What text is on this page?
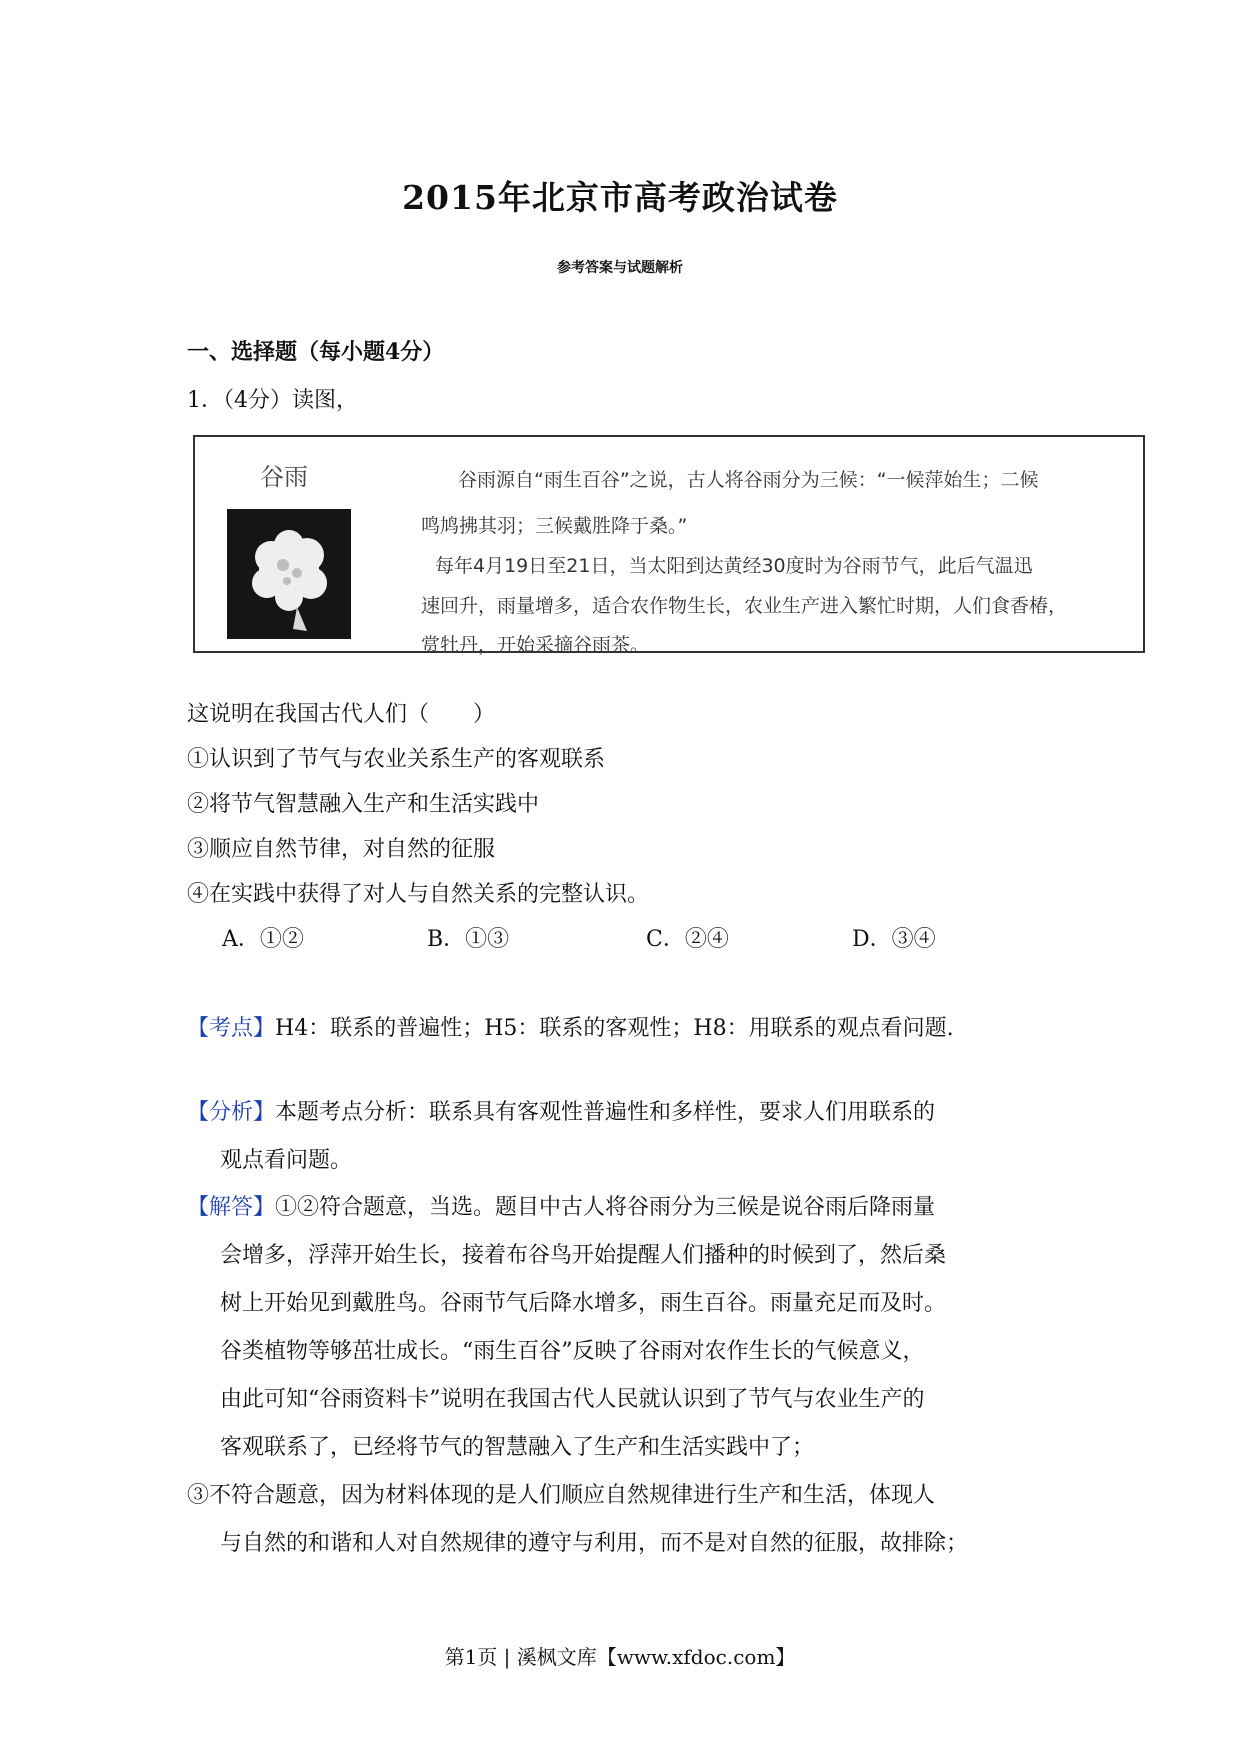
2015年北京市高考政治试卷
参考答案与试题解析
一、选择题（每小题4分）
1．（4分）读图，
谷雨	谷雨源自“雨生百谷”之说，古人将谷雨分为三候：“一候萍始生；二候
鸣鸠拂其羽；三候戴胜降于桑。”
每年4月19日至21日，当太阳到达黄经30度时为谷雨节气，此后气温迅
速回升，雨量增多，适合农作物生长，农业生产进入繁忙时期，人们食香椿，
赏牡丹，开始采摘谷雨茶。
这说明在我国古代人们（　　）
①认识到了节气与农业关系生产的客观联系
②将节气智慧融入生产和生活实践中
③顺应自然节律，对自然的征服
④在实践中获得了对人与自然关系的完整认识。
A．①②	B．①③	C．②④	D．③④
【考点】H4：联系的普遍性；H5：联系的客观性；H8：用联系的观点看问题.
【分析】本题考点分析：联系具有客观性普遍性和多样性，要求人们用联系的
观点看问题。
【解答】①②符合题意，当选。题目中古人将谷雨分为三候是说谷雨后降雨量
会增多，浮萍开始生长，接着布谷鸟开始提醒人们播种的时候到了，然后桑
树上开始见到戴胜鸟。谷雨节气后降水增多，雨生百谷。雨量充足而及时。
谷类植物等够茁壮成长。“雨生百谷”反映了谷雨对农作生长的气候意义，
由此可知“谷雨资料卡”说明在我国古代人民就认识到了节气与农业生产的
客观联系了，已经将节气的智慧融入了生产和生活实践中了；
③不符合题意，因为材料体现的是人们顺应自然规律进行生产和生活，体现人
与自然的和谐和人对自然规律的遵守与利用，而不是对自然的征服，故排除；
第1页 | 溪枫文库【www.xfdoc.com】
